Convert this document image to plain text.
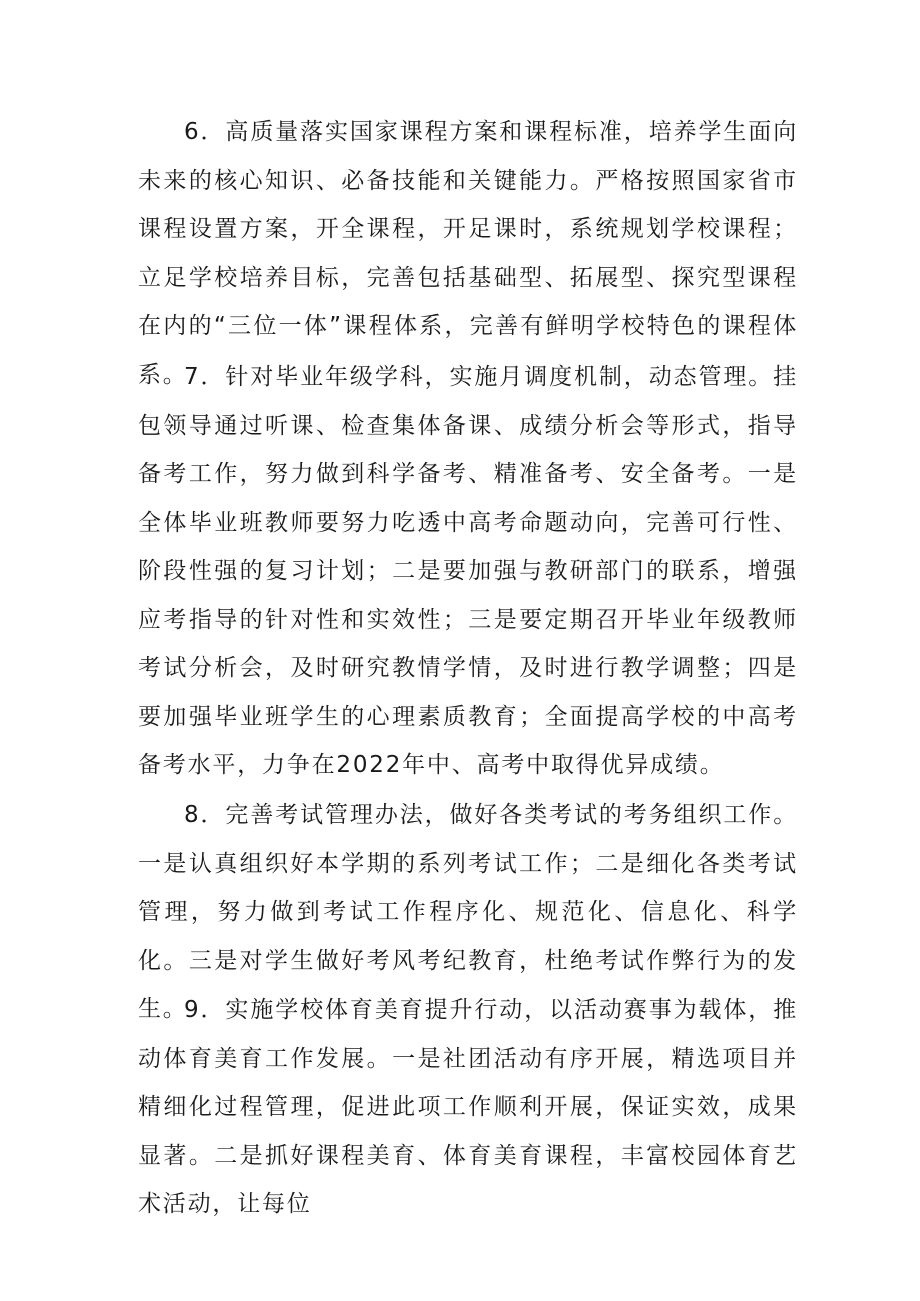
6．高质量落实国家课程方案和课程标准，培养学生面向未来的核心知识、必备技能和关键能力。严格按照国家省市课程设置方案，开全课程，开足课时，系统规划学校课程；立足学校培养目标，完善包括基础型、拓展型、探究型课程在内的“三位一体”课程体系，完善有鲜明学校特色的课程体系。

7．针对毕业年级学科，实施月调度机制，动态管理。挂包领导通过听课、检查集体备课、成绩分析会等形式，指导备考工作，努力做到科学备考、精准备考、安全备考。一是全体毕业班教师要努力吃透中高考命题动向，完善可行性、阶段性强的复习计划；二是要加强与教研部门的联系，增强应考指导的针对性和实效性；三是要定期召开毕业年级教师考试分析会，及时研究教情学情，及时进行教学调整；四是要加强毕业班学生的心理素质教育；全面提高学校的中高考备考水平，力争在2022年中、高考中取得优异成绩。

8．完善考试管理办法，做好各类考试的考务组织工作。一是认真组织好本学期的系列考试工作；二是细化各类考试管理，努力做到考试工作程序化、规范化、信息化、科学化。三是对学生做好考风考纪教育，杜绝考试作弊行为的发生。

9．实施学校体育美育提升行动，以活动赛事为载体，推动体育美育工作发展。一是社团活动有序开展，精选项目并精细化过程管理，促进此项工作顺利开展，保证实效，成果显著。二是抓好课程美育、体育美育课程，丰富校园体育艺术活动，让每位
